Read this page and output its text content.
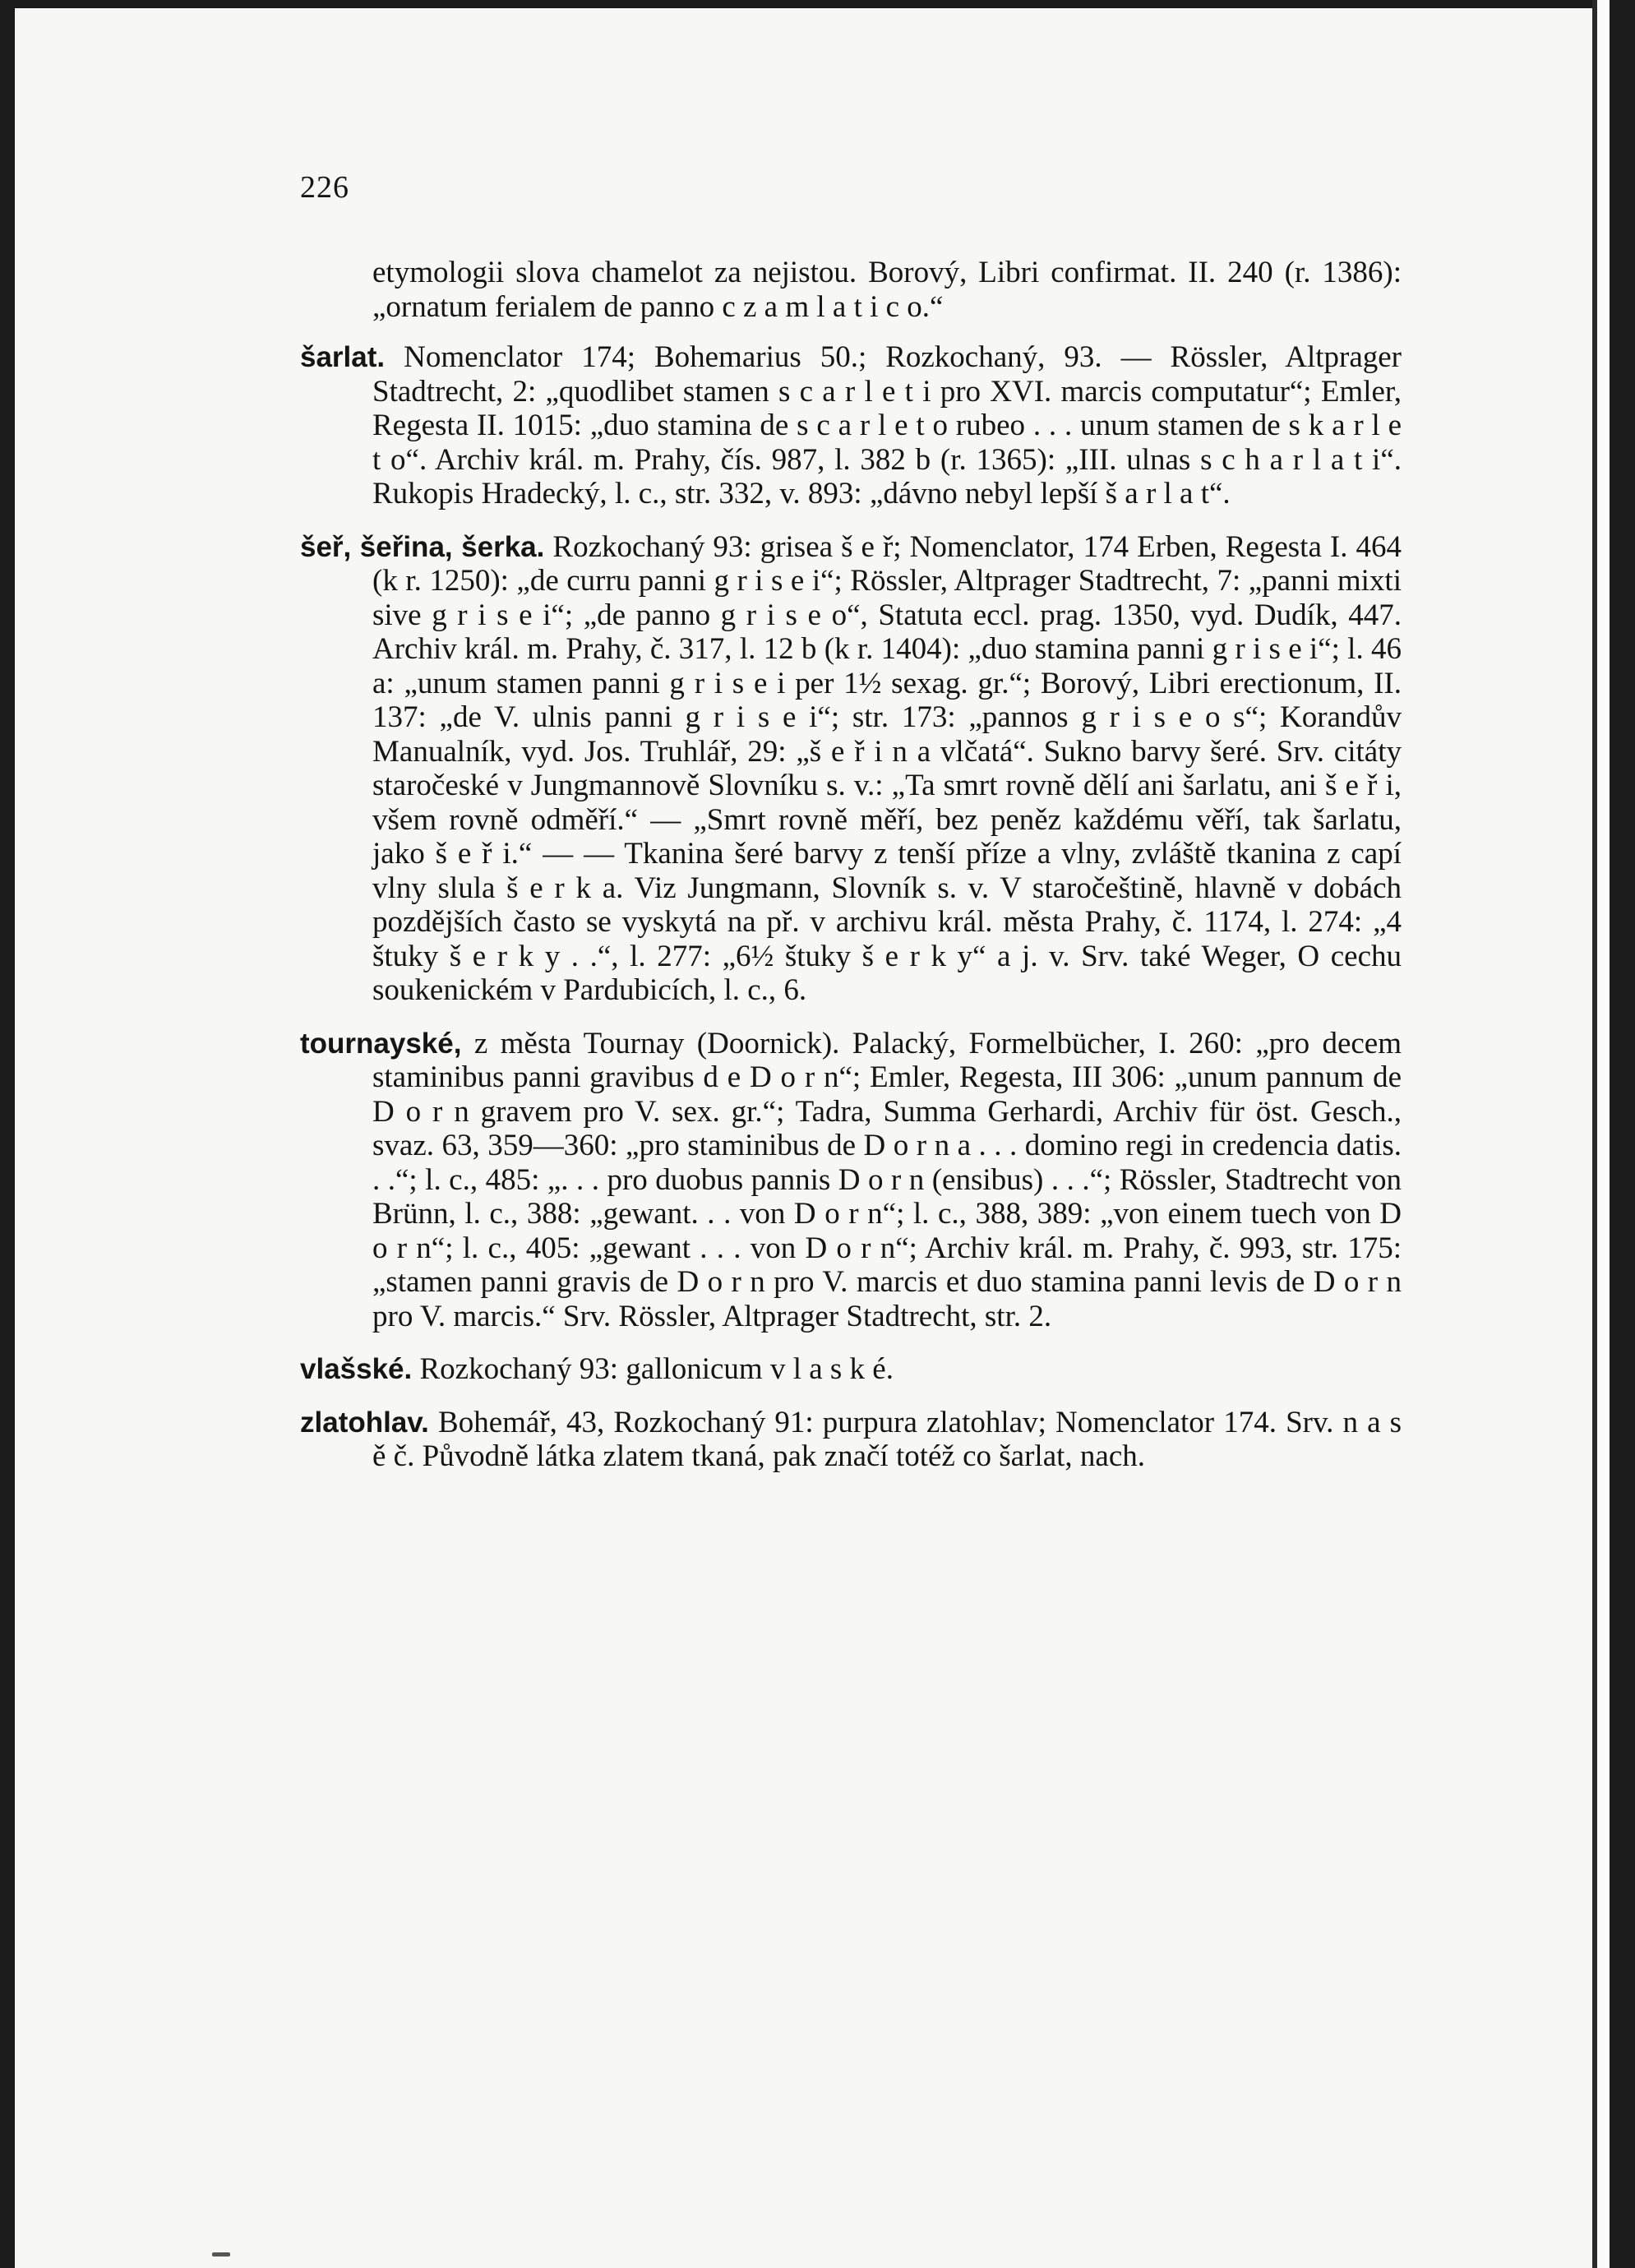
226

etymologii slova chamelot za nejistou. Borový, Libri confirmat. II. 240 (r. 1386): „ornatum ferialem de panno c z a m l a t i c o.“

šarlat. Nomenclator 174; Bohemarius 50.; Rozkochaný, 93. — Rössler, Altprager Stadtrecht, 2: „quodlibet stamen s c a r l e t i pro XVI. marcis computatur“; Emler, Regesta II. 1015: „duo stamina de s c a r l e t o rubeo . . . unum stamen de s k a r l e t o“. Archiv král. m. Prahy, čís. 987, l. 382 b (r. 1365): „III. ulnas s c h a r l a t i“. Rukopis Hradecký, l. c., str. 332, v. 893: „dávno nebyl lepší š a r l a t“.

šeř, šeřina, šerka. Rozkochaný 93: grisea š e ř; Nomenclator, 174 Erben, Regesta I. 464 (k r. 1250): „de curru panni g r i s e i“; Rössler, Altprager Stadtrecht, 7: „panni mixti sive g r i s e i“; „de panno g r i s e o“, Statuta eccl. prag. 1350, vyd. Dudík, 447. Archiv král. m. Prahy, č. 317, l. 12 b (k r. 1404): „duo stamina panni g r i s e i“; l. 46 a: „unum stamen panni g r i s e i per 1½ sexag. gr.“; Borový, Libri erectionum, II. 137: „de V. ulnis panni g r i s e i“; str. 173: „pannos g r i s e o s“; Korandův Manualník, vyd. Jos. Truhlář, 29: „š e ř i n a vlčatá“. Sukno barvy šeré. Srv. citáty staročeské v Jungmannově Slovníku s. v.: „Ta smrt rovně dělí ani šarlatu, ani š e ř i, všem rovně odměří.“ — „Smrt rovně měří, bez peněz každému věří, tak šarlatu, jako š e ř i.“ — — Tkanina šeré barvy z tenší příze a vlny, zvláště tkanina z capí vlny slula š e r k a. Viz Jungmann, Slovník s. v. V staročeštině, hlavně v dobách pozdějších často se vyskytá na př. v archivu král. města Prahy, č. 1174, l. 274: „4 štuky š e r k y . .“, l. 277: „6½ štuky š e r k y“ a j. v. Srv. také Weger, O cechu soukenickém v Pardubicích, l. c., 6.

tournayské, z města Tournay (Doornick). Palacký, Formelbücher, I. 260: „pro decem staminibus panni gravibus d e D o r n“; Emler, Regesta, III 306: „unum pannum de D o r n gravem pro V. sex. gr.“; Tadra, Summa Gerhardi, Archiv für öst. Gesch., svaz. 63, 359—360: „pro staminibus de D o r n a . . . domino regi in credencia datis. . .“; l. c., 485: „. . . pro duobus pannis D o r n (ensibus) . . .“; Rössler, Stadtrecht von Brünn, l. c., 388: „gewant. . . von D o r n“; l. c., 388, 389: „von einem tuech von D o r n“; l. c., 405: „gewant . . . von D o r n“; Archiv král. m. Prahy, č. 993, str. 175: „stamen panni gravis de D o r n pro V. marcis et duo stamina panni levis de D o r n pro V. marcis.“ Srv. Rössler, Altprager Stadtrecht, str. 2.

vlašské. Rozkochaný 93: gallonicum v l a s k é.

zlatohlav. Bohemář, 43, Rozkochaný 91: purpura zlatohlav; Nomenclator 174. Srv. n a s ě č. Původně látka zlatem tkaná, pak značí totéž co šarlat, nach.
